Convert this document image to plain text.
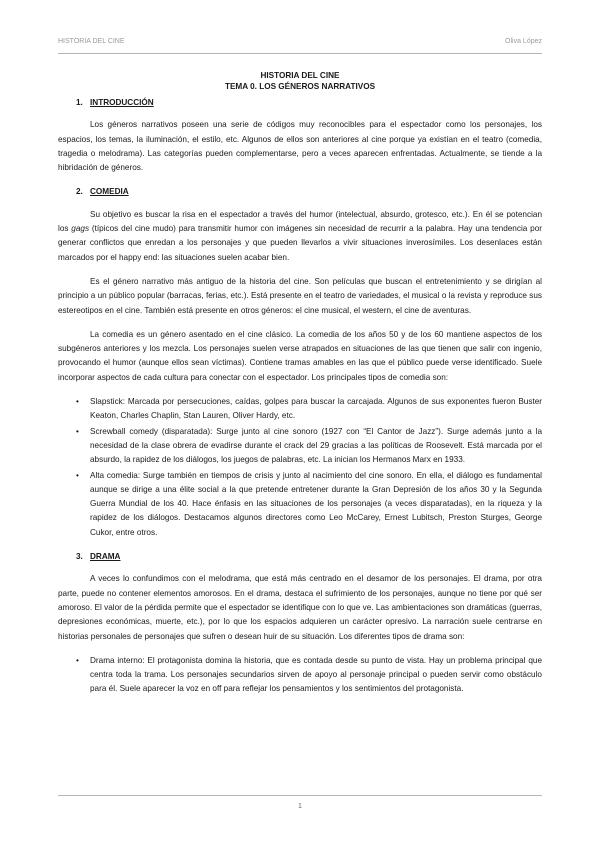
HISTORIA DEL CINE	Oliva López
HISTORIA DEL CINE
TEMA 0. LOS GÉNEROS NARRATIVOS
1. INTRODUCCIÓN

Los géneros narrativos poseen una serie de códigos muy reconocibles para el espectador como los personajes, los espacios, los temas, la iluminación, el estilo, etc. Algunos de ellos son anteriores al cine porque ya existían en el teatro (comedia, tragedia o melodrama). Las categorías pueden complementarse, pero a veces aparecen enfrentadas. Actualmente, se tiende a la hibridación de géneros.

2. COMEDIA

Su objetivo es buscar la risa en el espectador a través del humor (intelectual, absurdo, grotesco, etc.). En él se potencian los gags (típicos del cine mudo) para transmitir humor con imágenes sin necesidad de recurrir a la palabra. Hay una tendencia por generar conflictos que enredan a los personajes y que pueden llevarlos a vivir situaciones inverosímiles. Los desenlaces están marcados por el happy end: las situaciones suelen acabar bien.

Es el género narrativo más antiguo de la historia del cine. Son películas que buscan el entretenimiento y se dirigían al principio a un público popular (barracas, ferias, etc.). Está presente en el teatro de variedades, el musical o la revista y reproduce sus estereotipos en el cine. También está presente en otros géneros: el cine musical, el western, el cine de aventuras.

La comedia es un género asentado en el cine clásico. La comedia de los años 50 y de los 60 mantiene aspectos de los subgéneros anteriores y los mezcla. Los personajes suelen verse atrapados en situaciones de las que tienen que salir con ingenio, provocando el humor (aunque ellos sean víctimas). Contiene tramas amables en las que el público puede verse identificado. Suele incorporar aspectos de cada cultura para conectar con el espectador. Los principales tipos de comedia son:

• Slapstick: Marcada por persecuciones, caídas, golpes para buscar la carcajada. Algunos de sus exponentes fueron Buster Keaton, Charles Chaplin, Stan Lauren, Oliver Hardy, etc.
• Screwball comedy (disparatada): Surge junto al cine sonoro (1927 con “El Cantor de Jazz”). Surge además junto a la necesidad de la clase obrera de evadirse durante el crack del 29 gracias a las políticas de Roosevelt. Está marcada por el absurdo, la rapidez de los diálogos, los juegos de palabras, etc. La inician los Hermanos Marx en 1933.
• Alta comedia: Surge también en tiempos de crisis y junto al nacimiento del cine sonoro. En ella, el diálogo es fundamental aunque se dirige a una élite social a la que pretende entretener durante la Gran Depresión de los años 30 y la Segunda Guerra Mundial de los 40. Hace énfasis en las situaciones de los personajes (a veces disparatadas), en la riqueza y la rapidez de los diálogos. Destacamos algunos directores como Leo McCarey, Ernest Lubitsch, Preston Sturges, George Cukor, entre otros.
3. DRAMA

A veces lo confundimos con el melodrama, que está más centrado en el desamor de los personajes. El drama, por otra parte, puede no contener elementos amorosos. En el drama, destaca el sufrimiento de los personajes, aunque no tiene por qué ser amoroso. El valor de la pérdida permite que el espectador se identifique con lo que ve. Las ambientaciones son dramáticas (guerras, depresiones económicas, muerte, etc.), por lo que los espacios adquieren un carácter opresivo. La narración suele centrarse en historias personales de personajes que sufren o desean huir de su situación. Los diferentes tipos de drama son:

• Drama interno: El protagonista domina la historia, que es contada desde su punto de vista. Hay un problema principal que centra toda la trama. Los personajes secundarios sirven de apoyo al personaje principal o pueden servir como obstáculo para él. Suele aparecer la voz en off para reflejar los pensamientos y los sentimientos del protagonista.
1
